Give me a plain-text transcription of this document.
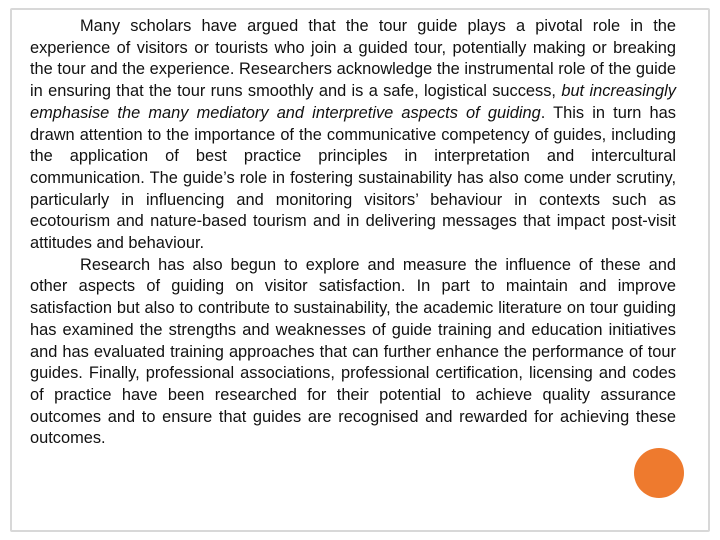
Many scholars have argued that the tour guide plays a pivotal role in the experience of visitors or tourists who join a guided tour, potentially making or breaking the tour and the experience. Researchers acknowledge the instrumental role of the guide in ensuring that the tour runs smoothly and is a safe, logistical success, but increasingly emphasise the many mediatory and interpretive aspects of guiding. This in turn has drawn attention to the importance of the communicative competency of guides, including the application of best practice principles in interpretation and intercultural communication. The guide’s role in fostering sustainability has also come under scrutiny, particularly in influencing and monitoring visitors’ behaviour in contexts such as ecotourism and nature-based tourism and in delivering messages that impact post-visit attitudes and behaviour.

Research has also begun to explore and measure the influence of these and other aspects of guiding on visitor satisfaction. In part to maintain and improve satisfaction but also to contribute to sustainability, the academic literature on tour guiding has examined the strengths and weaknesses of guide training and education initiatives and has evaluated training approaches that can further enhance the performance of tour guides. Finally, professional associations, professional certification, licensing and codes of practice have been researched for their potential to achieve quality assurance outcomes and to ensure that guides are recognised and rewarded for achieving these outcomes.
